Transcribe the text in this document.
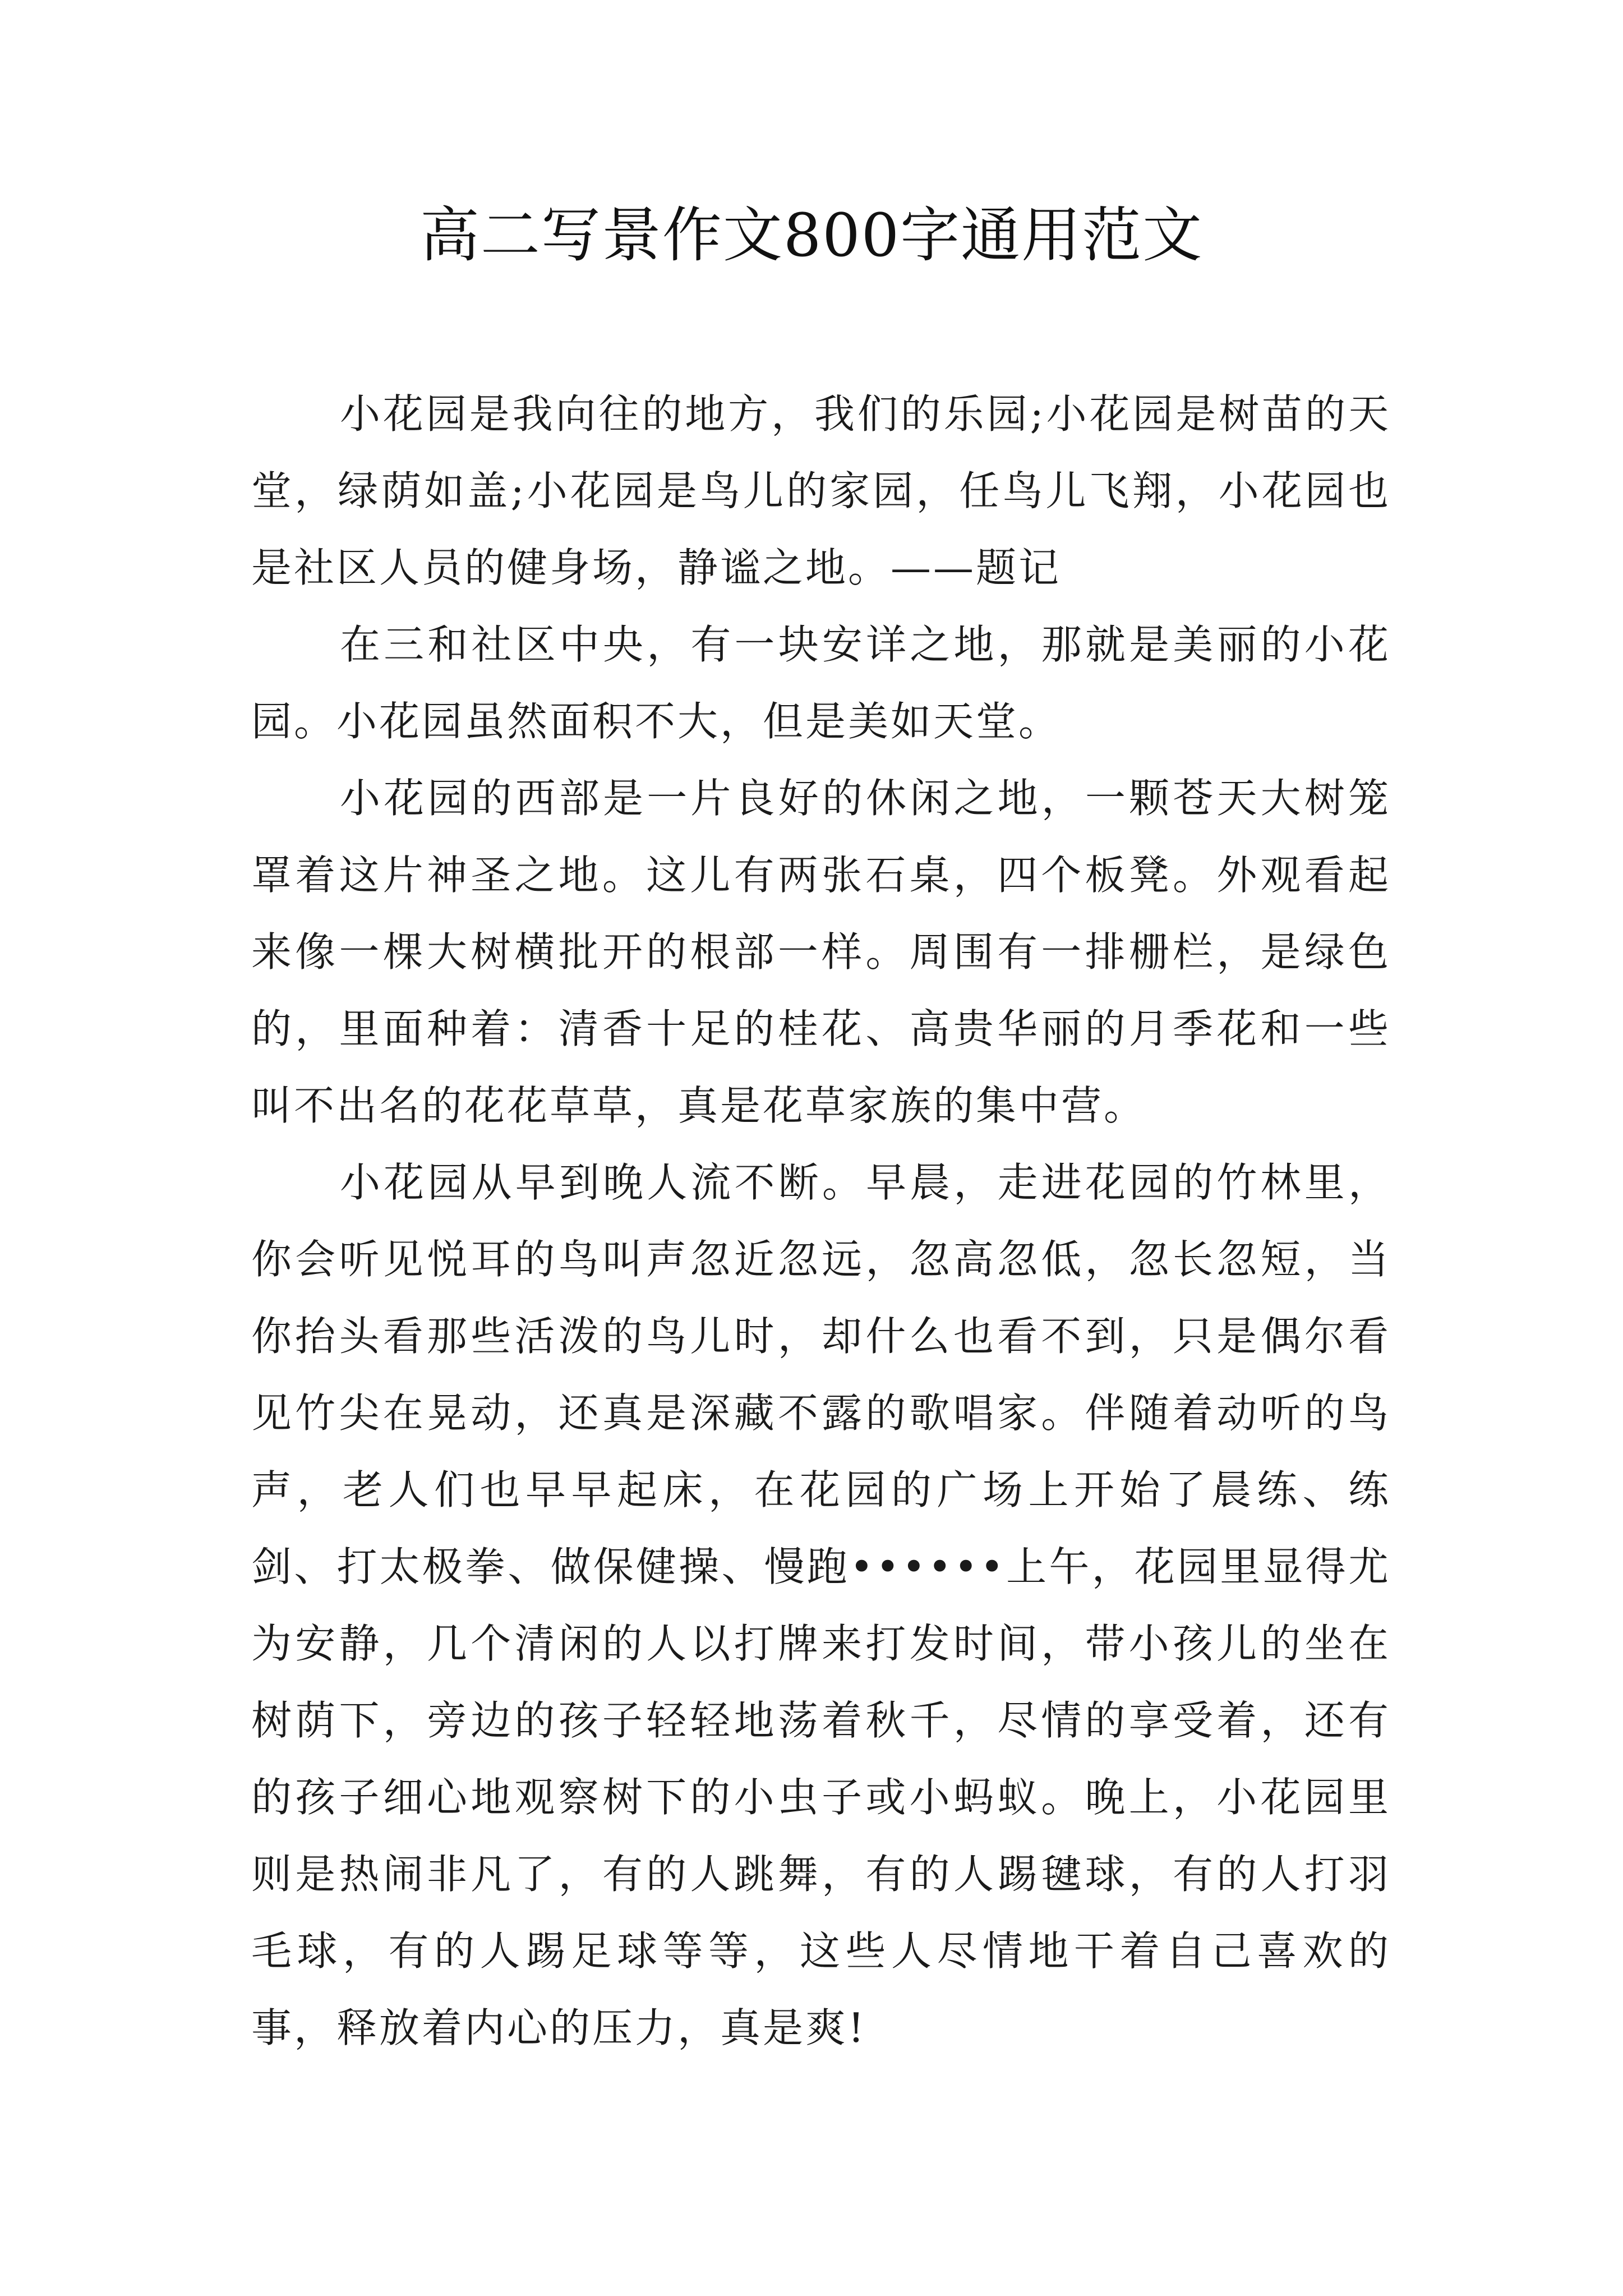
高二写景作文800字通用范文

小花园是我向往的地方，我们的乐园;小花园是树苗的天堂，绿荫如盖;小花园是鸟儿的家园，任鸟儿飞翔，小花园也是社区人员的健身场，静谧之地。——题记

在三和社区中央，有一块安详之地，那就是美丽的小花园。小花园虽然面积不大，但是美如天堂。

小花园的西部是一片良好的休闲之地，一颗苍天大树笼罩着这片神圣之地。这儿有两张石桌，四个板凳。外观看起来像一棵大树横批开的根部一样。周围有一排栅栏，是绿色的，里面种着：清香十足的桂花、高贵华丽的月季花和一些叫不出名的花花草草，真是花草家族的集中营。

小花园从早到晚人流不断。早晨，走进花园的竹林里，你会听见悦耳的鸟叫声忽近忽远，忽高忽低，忽长忽短，当你抬头看那些活泼的鸟儿时，却什么也看不到，只是偶尔看见竹尖在晃动，还真是深藏不露的歌唱家。伴随着动听的鸟声，老人们也早早起床，在花园的广场上开始了晨练、练剑、打太极拳、做保健操、慢跑••••••上午，花园里显得尤为安静，几个清闲的人以打牌来打发时间，带小孩儿的坐在树荫下，旁边的孩子轻轻地荡着秋千，尽情的享受着，还有的孩子细心地观察树下的小虫子或小蚂蚁。晚上，小花园里则是热闹非凡了，有的人跳舞，有的人踢毽球，有的人打羽毛球，有的人踢足球等等，这些人尽情地干着自己喜欢的事，释放着内心的压力，真是爽!
